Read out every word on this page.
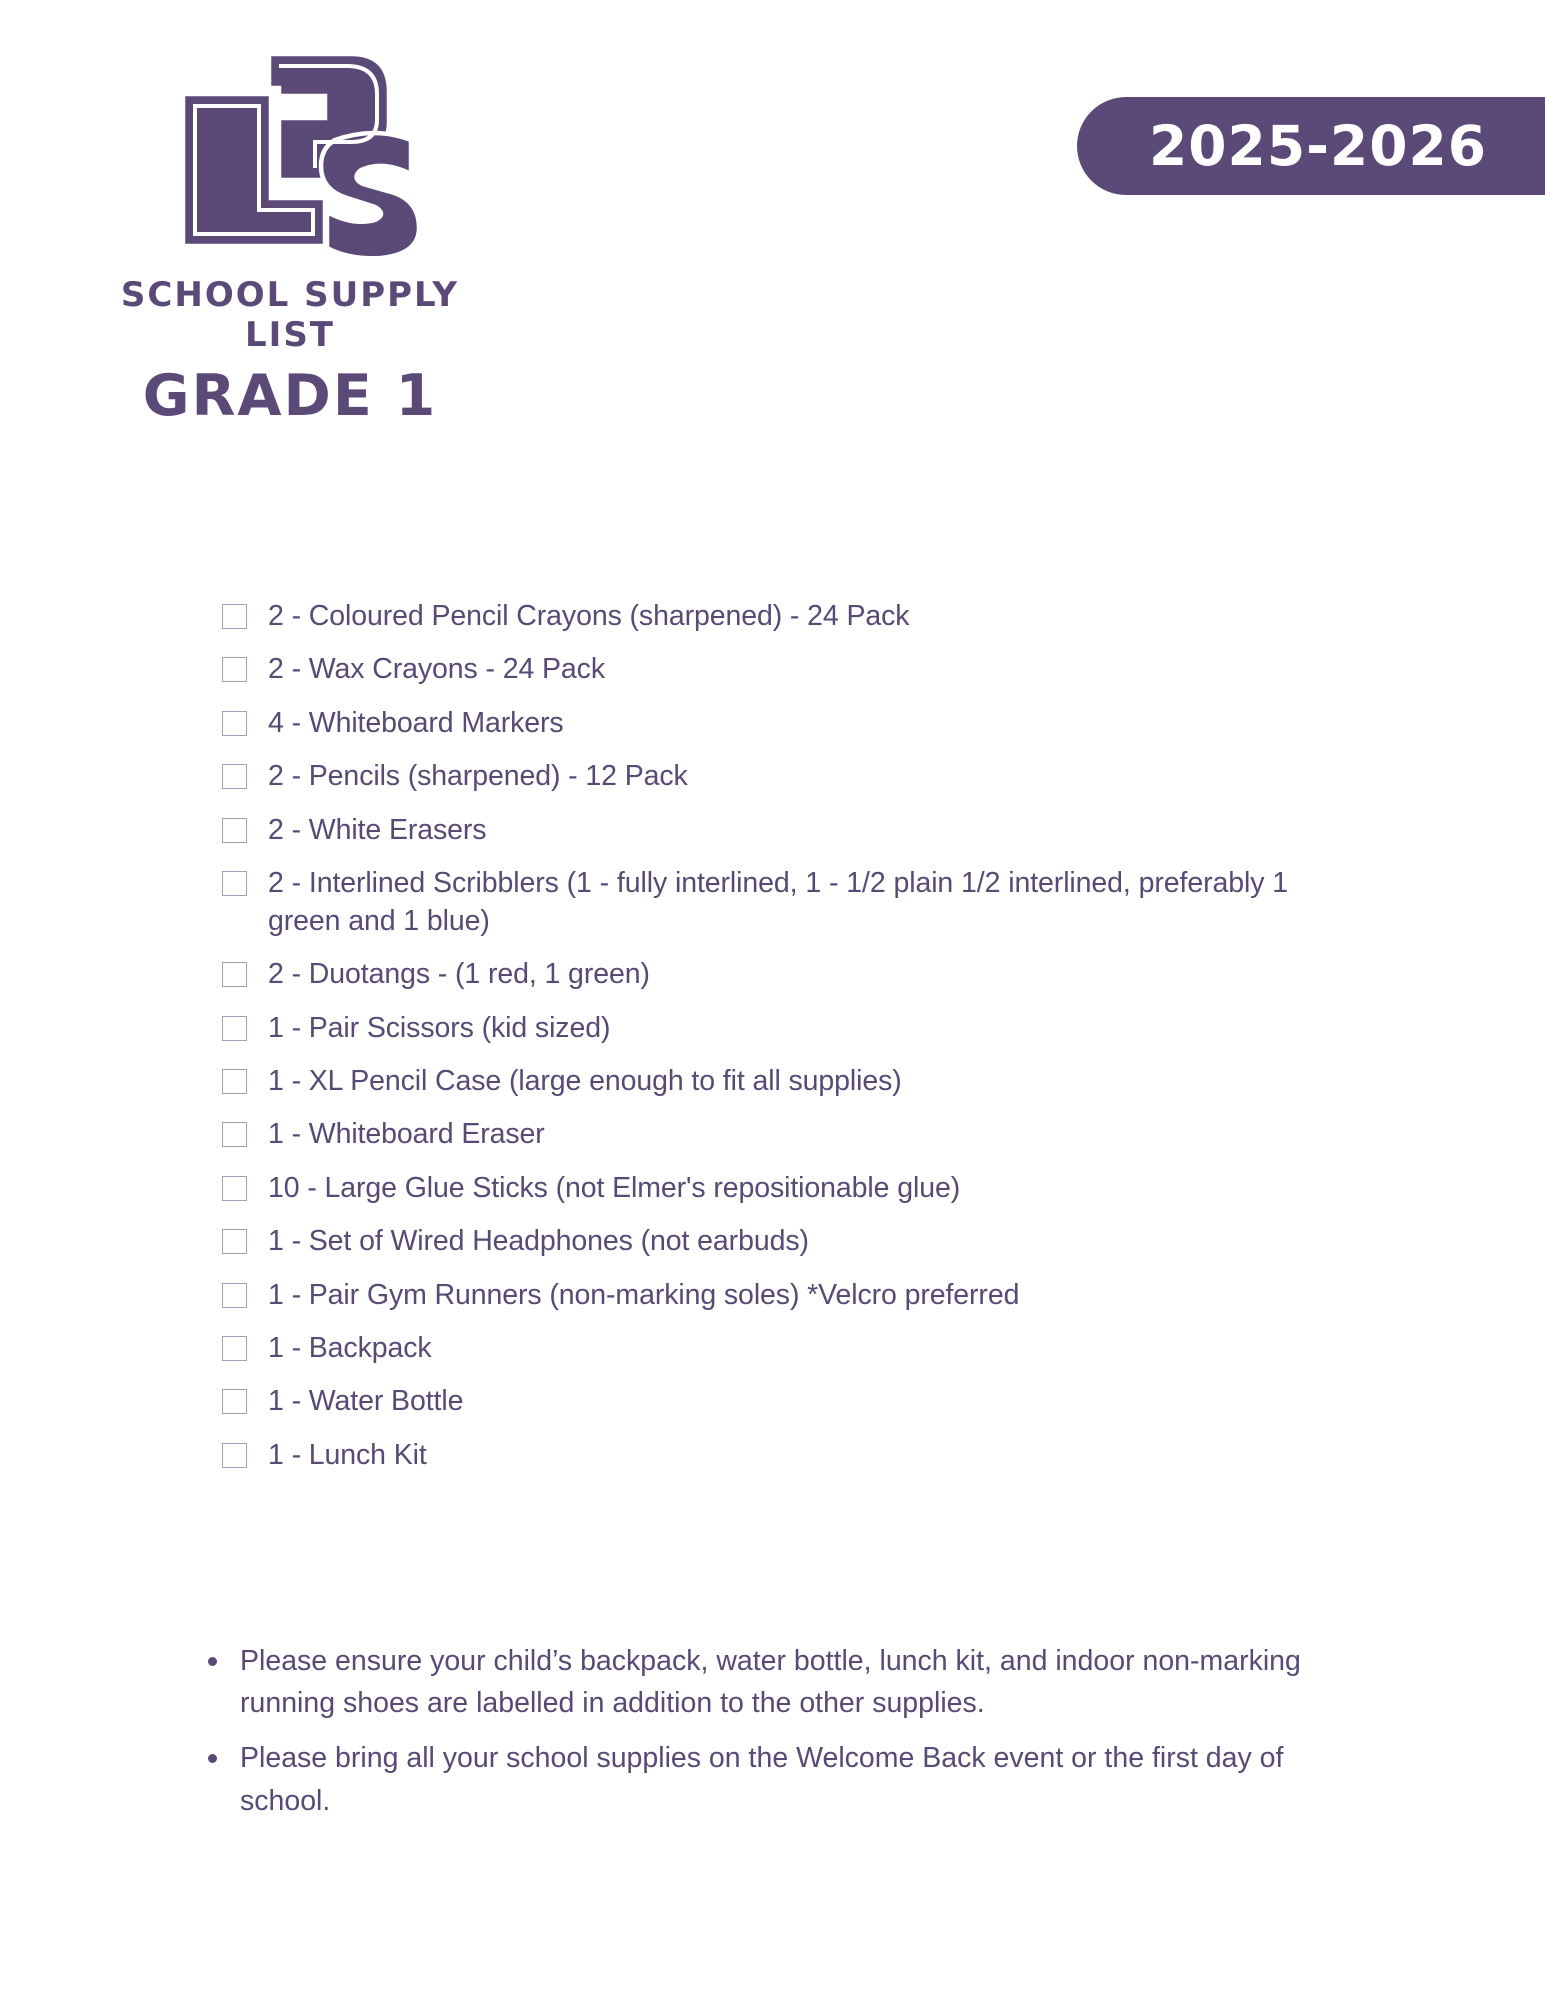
2025-2026
SCHOOL SUPPLY LIST
GRADE 1
2 - Coloured Pencil Crayons (sharpened) - 24 Pack
2 - Wax Crayons - 24 Pack
4 - Whiteboard Markers
2 - Pencils (sharpened) - 12 Pack
2 - White Erasers
2 - Interlined Scribblers (1 - fully interlined, 1 - 1/2 plain 1/2 interlined, preferably 1 green and 1 blue)
2 - Duotangs - (1 red, 1 green)
1 - Pair Scissors (kid sized)
1 - XL Pencil Case (large enough to fit all supplies)
1 - Whiteboard Eraser
10 - Large Glue Sticks (not Elmer's repositionable glue)
1 - Set of Wired Headphones (not earbuds)
1 - Pair Gym Runners (non-marking soles) *Velcro preferred
1 - Backpack
1 - Water Bottle
1 - Lunch Kit
Please ensure your child’s backpack, water bottle, lunch kit, and indoor non-marking running shoes are labelled in addition to the other supplies.
Please bring all your school supplies on the Welcome Back event or the first day of school.
